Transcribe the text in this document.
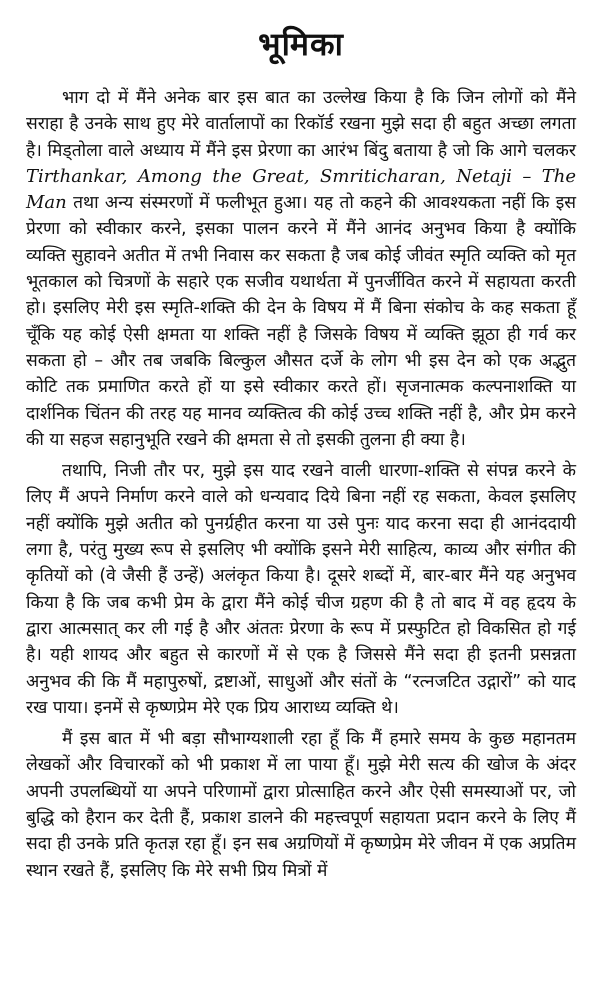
भूमिका

भाग दो में मैंने अनेक बार इस बात का उल्लेख किया है कि जिन लोगों को मैंने सराहा है उनके साथ हुए मेरे वार्तालापों का रिकॉर्ड रखना मुझे सदा ही बहुत अच्छा लगता है। मिड्तोला वाले अध्याय में मैंने इस प्रेरणा का आरंभ बिंदु बताया है जो कि आगे चलकर Tirthankar, Among the Great, Smriticharan, Netaji – The Man तथा अन्य संस्मरणों में फलीभूत हुआ। यह तो कहने की आवश्यकता नहीं कि इस प्रेरणा को स्वीकार करने, इसका पालन करने में मैंने आनंद अनुभव किया है क्योंकि व्यक्ति सुहावने अतीत में तभी निवास कर सकता है जब कोई जीवंत स्मृति व्यक्ति को मृत भूतकाल को चित्रणों के सहारे एक सजीव यथार्थता में पुनर्जीवित करने में सहायता करती हो। इसलिए मेरी इस स्मृति-शक्ति की देन के विषय में मैं बिना संकोच के कह सकता हूँ चूँकि यह कोई ऐसी क्षमता या शक्ति नहीं है जिसके विषय में व्यक्ति झूठा ही गर्व कर सकता हो – और तब जबकि बिल्कुल औसत दर्जे के लोग भी इस देन को एक अद्भुत कोटि तक प्रमाणित करते हों या इसे स्वीकार करते हों। सृजनात्मक कल्पनाशक्ति या दार्शनिक चिंतन की तरह यह मानव व्यक्तित्व की कोई उच्च शक्ति नहीं है, और प्रेम करने की या सहज सहानुभूति रखने की क्षमता से तो इसकी तुलना ही क्या है।

तथापि, निजी तौर पर, मुझे इस याद रखने वाली धारणा-शक्ति से संपन्न करने के लिए मैं अपने निर्माण करने वाले को धन्यवाद दिये बिना नहीं रह सकता, केवल इसलिए नहीं क्योंकि मुझे अतीत को पुनर्ग्रहीत करना या उसे पुनः याद करना सदा ही आनंददायी लगा है, परंतु मुख्य रूप से इसलिए भी क्योंकि इसने मेरी साहित्य, काव्य और संगीत की कृतियों को (वे जैसी हैं उन्हें) अलंकृत किया है। दूसरे शब्दों में, बार-बार मैंने यह अनुभव किया है कि जब कभी प्रेम के द्वारा मैंने कोई चीज ग्रहण की है तो बाद में वह हृदय के द्वारा आत्मसात् कर ली गई है और अंततः प्रेरणा के रूप में प्रस्फुटित हो विकसित हो गई है। यही शायद और बहुत से कारणों में से एक है जिससे मैंने सदा ही इतनी प्रसन्नता अनुभव की कि मैं महापुरुषों, द्रष्टाओं, साधुओं और संतों के “रत्नजटित उद्गारों” को याद रख पाया। इनमें से कृष्णप्रेम मेरे एक प्रिय आराध्य व्यक्ति थे।

मैं इस बात में भी बड़ा सौभाग्यशाली रहा हूँ कि मैं हमारे समय के कुछ महानतम लेखकों और विचारकों को भी प्रकाश में ला पाया हूँ। मुझे मेरी सत्य की खोज के अंदर अपनी उपलब्धियों या अपने परिणामों द्वारा प्रोत्साहित करने और ऐसी समस्याओं पर, जो बुद्धि को हैरान कर देती हैं, प्रकाश डालने की महत्त्वपूर्ण सहायता प्रदान करने के लिए मैं सदा ही उनके प्रति कृतज्ञ रहा हूँ। इन सब अग्रणियों में कृष्णप्रेम मेरे जीवन में एक अप्रतिम स्थान रखते हैं, इसलिए कि मेरे सभी प्रिय मित्रों में
